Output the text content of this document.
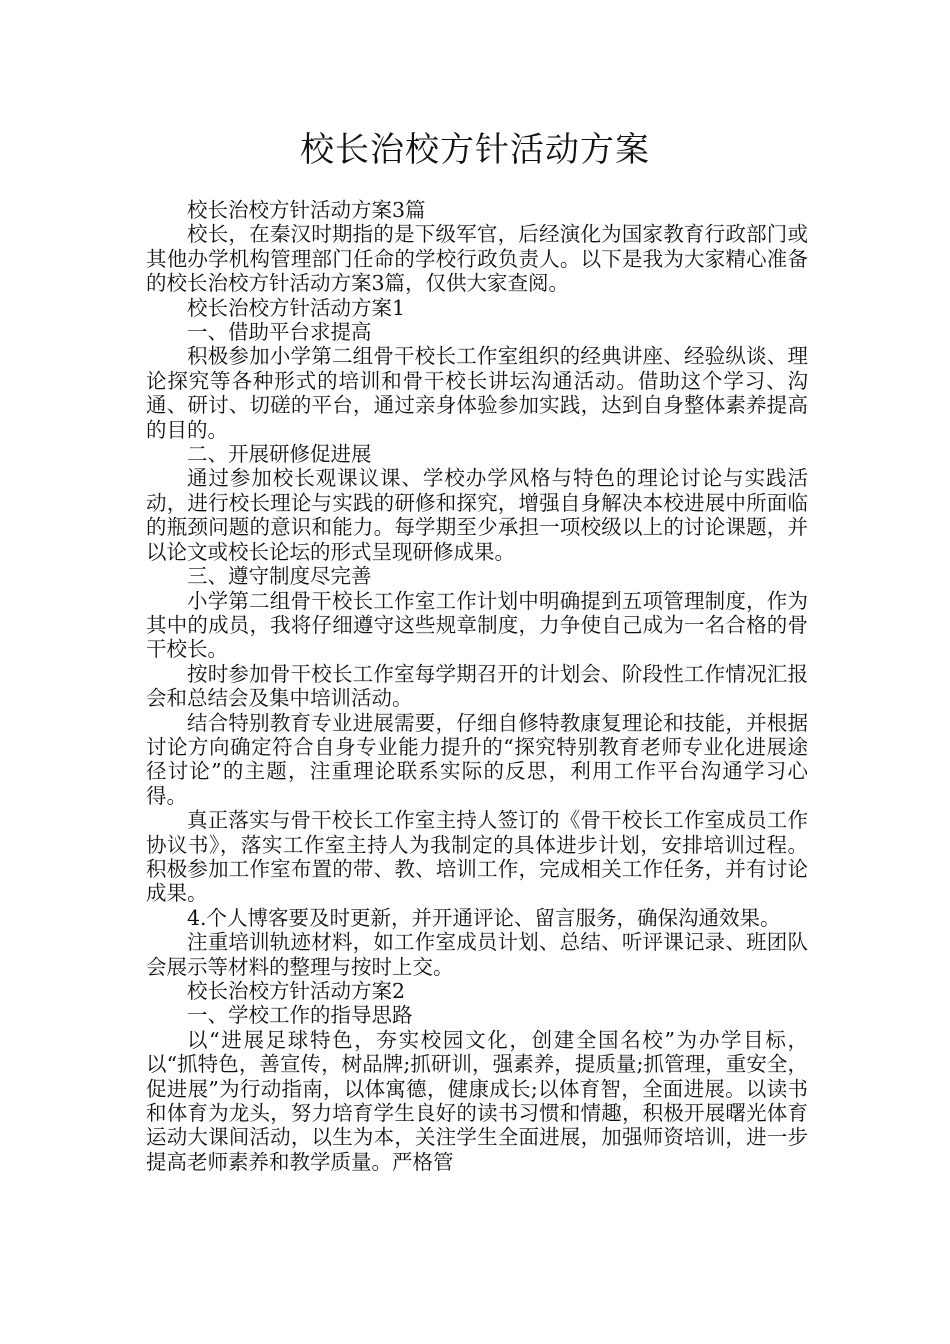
校长治校方针活动方案

校长治校方针活动方案3篇

校长，在秦汉时期指的是下级军官，后经演化为国家教育行政部门或其他办学机构管理部门任命的学校行政负责人。以下是我为大家精心准备的校长治校方针活动方案3篇，仅供大家查阅。

校长治校方针活动方案1

一、借助平台求提高

积极参加小学第二组骨干校长工作室组织的经典讲座、经验纵谈、理论探究等各种形式的培训和骨干校长讲坛沟通活动。借助这个学习、沟通、研讨、切磋的平台，通过亲身体验参加实践，达到自身整体素养提高的目的。

二、开展研修促进展

通过参加校长观课议课、学校办学风格与特色的理论讨论与实践活动，进行校长理论与实践的研修和探究，增强自身解决本校进展中所面临的瓶颈问题的意识和能力。每学期至少承担一项校级以上的讨论课题，并以论文或校长论坛的形式呈现研修成果。

三、遵守制度尽完善

小学第二组骨干校长工作室工作计划中明确提到五项管理制度，作为其中的成员，我将仔细遵守这些规章制度，力争使自己成为一名合格的骨干校长。

按时参加骨干校长工作室每学期召开的计划会、阶段性工作情况汇报会和总结会及集中培训活动。

结合特别教育专业进展需要，仔细自修特教康复理论和技能，并根据讨论方向确定符合自身专业能力提升的“探究特别教育老师专业化进展途径讨论”的主题，注重理论联系实际的反思，利用工作平台沟通学习心得。

真正落实与骨干校长工作室主持人签订的《骨干校长工作室成员工作协议书》，落实工作室主持人为我制定的具体进步计划，安排培训过程。积极参加工作室布置的带、教、培训工作，完成相关工作任务，并有讨论成果。

4.个人博客要及时更新，并开通评论、留言服务，确保沟通效果。

注重培训轨迹材料，如工作室成员计划、总结、听评课记录、班团队会展示等材料的整理与按时上交。

校长治校方针活动方案2

一、学校工作的指导思路

以“进展足球特色，夯实校园文化，创建全国名校”为办学目标，以“抓特色，善宣传，树品牌;抓研训，强素养，提质量;抓管理，重安全，促进展”为行动指南，以体寓德，健康成长;以体育智，全面进展。以读书和体育为龙头，努力培育学生良好的读书习惯和情趣，积极开展曙光体育运动大课间活动，以生为本，关注学生全面进展，加强师资培训，进一步提高老师素养和教学质量。严格管
